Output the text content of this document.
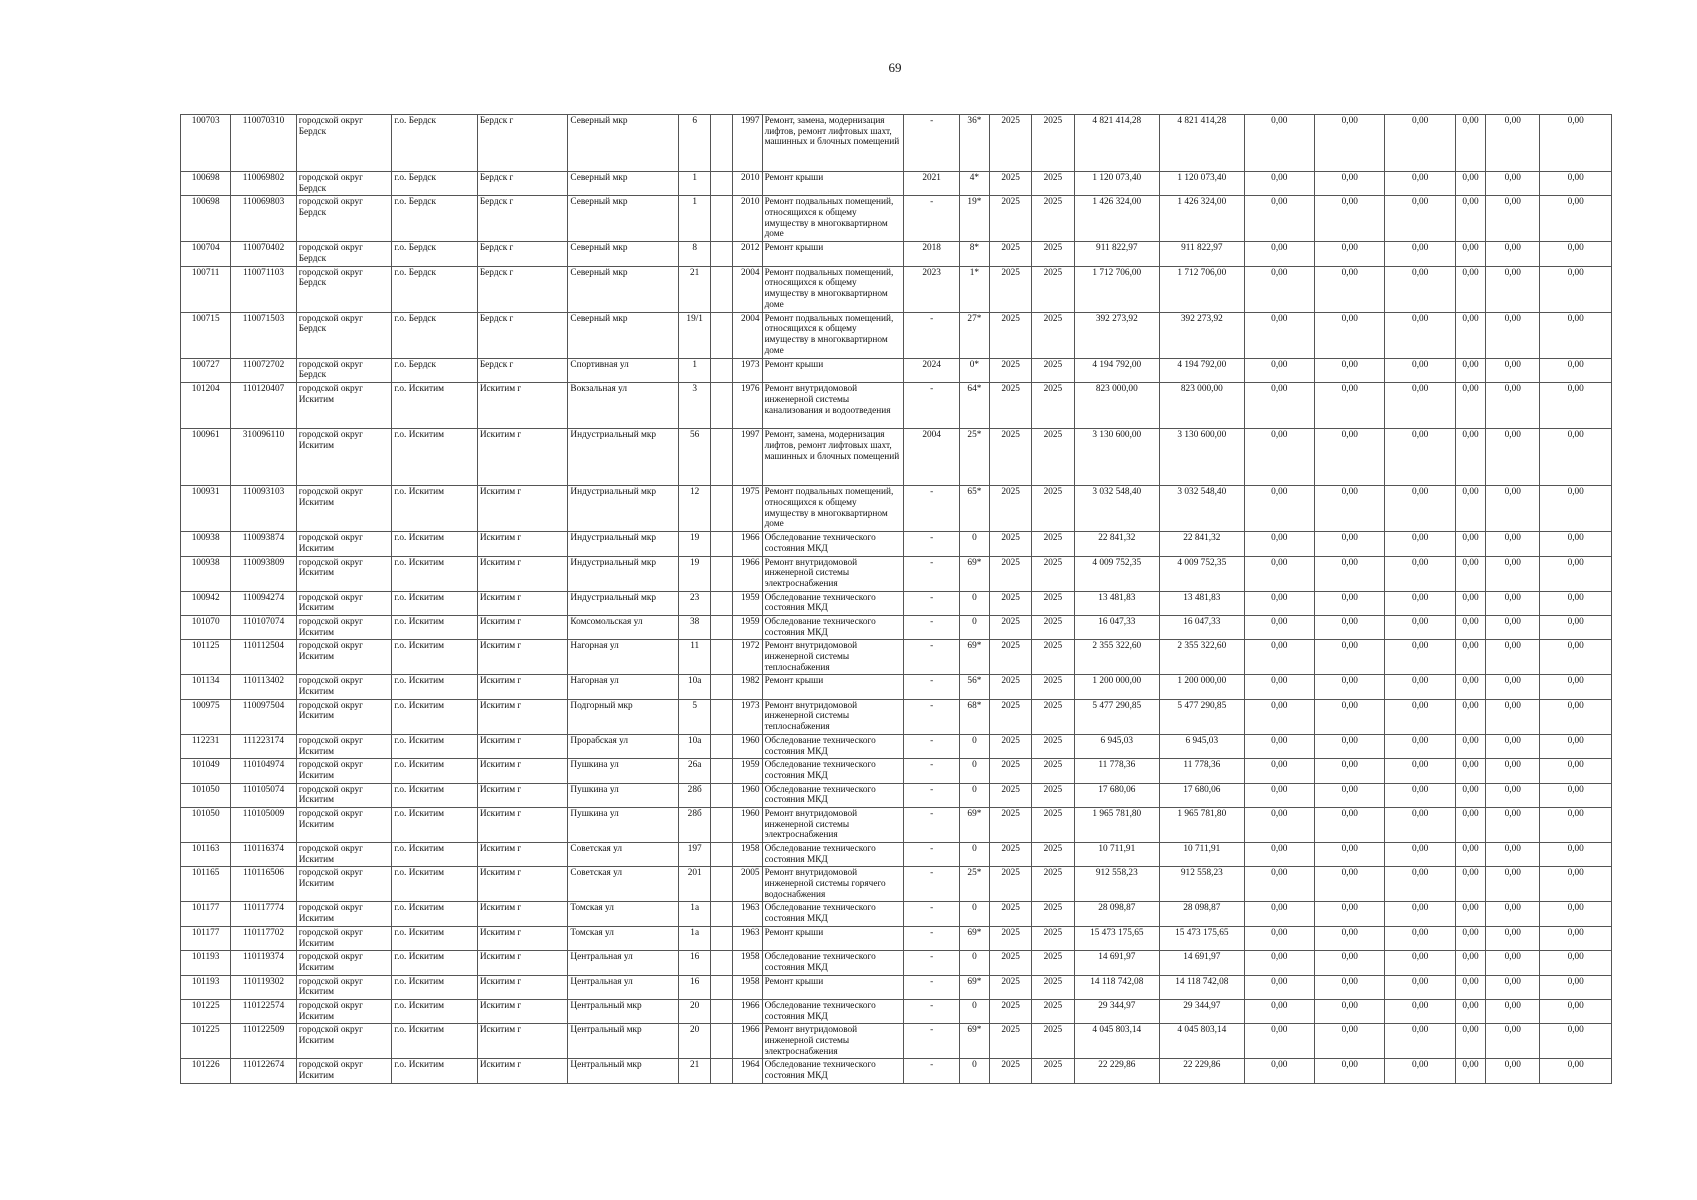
69
100703	110070310	городской округ Бердск	г.о. Бердск	Бердск г	Северный мкр	6		1997	Ремонт, замена, модернизация лифтов, ремонт лифтовых шахт, машинных и блочных помещений	-	36*	2025	2025	4 821 414,28	4 821 414,28	0,00	0,00	0,00	0,00	0,00	0,00
100698	110069802	городской округ Бердск	г.о. Бердск	Бердск г	Северный мкр	1		2010	Ремонт крыши	2021	4*	2025	2025	1 120 073,40	1 120 073,40	0,00	0,00	0,00	0,00	0,00	0,00
100698	110069803	городской округ Бердск	г.о. Бердск	Бердск г	Северный мкр	1		2010	Ремонт подвальных помещений, относящихся к общему имуществу в многоквартирном доме	-	19*	2025	2025	1 426 324,00	1 426 324,00	0,00	0,00	0,00	0,00	0,00	0,00
100704	110070402	городской округ Бердск	г.о. Бердск	Бердск г	Северный мкр	8		2012	Ремонт крыши	2018	8*	2025	2025	911 822,97	911 822,97	0,00	0,00	0,00	0,00	0,00	0,00
100711	110071103	городской округ Бердск	г.о. Бердск	Бердск г	Северный мкр	21		2004	Ремонт подвальных помещений, относящихся к общему имуществу в многоквартирном доме	2023	1*	2025	2025	1 712 706,00	1 712 706,00	0,00	0,00	0,00	0,00	0,00	0,00
100715	110071503	городской округ Бердск	г.о. Бердск	Бердск г	Северный мкр	19/1		2004	Ремонт подвальных помещений, относящихся к общему имуществу в многоквартирном доме	-	27*	2025	2025	392 273,92	392 273,92	0,00	0,00	0,00	0,00	0,00	0,00
100727	110072702	городской округ Бердск	г.о. Бердск	Бердск г	Спортивная ул	1		1973	Ремонт крыши	2024	0*	2025	2025	4 194 792,00	4 194 792,00	0,00	0,00	0,00	0,00	0,00	0,00
101204	110120407	городской округ Искитим	г.о. Искитим	Искитим г	Вокзальная ул	3		1976	Ремонт внутридомовой инженерной системы канализования и водоотведения	-	64*	2025	2025	823 000,00	823 000,00	0,00	0,00	0,00	0,00	0,00	0,00
100961	310096110	городской округ Искитим	г.о. Искитим	Искитим г	Индустриальный мкр	56		1997	Ремонт, замена, модернизация лифтов, ремонт лифтовых шахт, машинных и блочных помещений	2004	25*	2025	2025	3 130 600,00	3 130 600,00	0,00	0,00	0,00	0,00	0,00	0,00
100931	110093103	городской округ Искитим	г.о. Искитим	Искитим г	Индустриальный мкр	12		1975	Ремонт подвальных помещений, относящихся к общему имуществу в многоквартирном доме	-	65*	2025	2025	3 032 548,40	3 032 548,40	0,00	0,00	0,00	0,00	0,00	0,00
100938	110093874	городской округ Искитим	г.о. Искитим	Искитим г	Индустриальный мкр	19		1966	Обследование технического состояния МКД	-	0	2025	2025	22 841,32	22 841,32	0,00	0,00	0,00	0,00	0,00	0,00
100938	110093809	городской округ Искитим	г.о. Искитим	Искитим г	Индустриальный мкр	19		1966	Ремонт внутридомовой инженерной системы электроснабжения	-	69*	2025	2025	4 009 752,35	4 009 752,35	0,00	0,00	0,00	0,00	0,00	0,00
100942	110094274	городской округ Искитим	г.о. Искитим	Искитим г	Индустриальный мкр	23		1959	Обследование технического состояния МКД	-	0	2025	2025	13 481,83	13 481,83	0,00	0,00	0,00	0,00	0,00	0,00
101070	110107074	городской округ Искитим	г.о. Искитим	Искитим г	Комсомольская ул	38		1959	Обследование технического состояния МКД	-	0	2025	2025	16 047,33	16 047,33	0,00	0,00	0,00	0,00	0,00	0,00
101125	110112504	городской округ Искитим	г.о. Искитим	Искитим г	Нагорная ул	11		1972	Ремонт внутридомовой инженерной системы теплоснабжения	-	69*	2025	2025	2 355 322,60	2 355 322,60	0,00	0,00	0,00	0,00	0,00	0,00
101134	110113402	городской округ Искитим	г.о. Искитим	Искитим г	Нагорная ул	10а		1982	Ремонт крыши	-	56*	2025	2025	1 200 000,00	1 200 000,00	0,00	0,00	0,00	0,00	0,00	0,00
100975	110097504	городской округ Искитим	г.о. Искитим	Искитим г	Подгорный мкр	5		1973	Ремонт внутридомовой инженерной системы теплоснабжения	-	68*	2025	2025	5 477 290,85	5 477 290,85	0,00	0,00	0,00	0,00	0,00	0,00
112231	111223174	городской округ Искитим	г.о. Искитим	Искитим г	Прорабская ул	10а		1960	Обследование технического состояния МКД	-	0	2025	2025	6 945,03	6 945,03	0,00	0,00	0,00	0,00	0,00	0,00
101049	110104974	городской округ Искитим	г.о. Искитим	Искитим г	Пушкина ул	26а		1959	Обследование технического состояния МКД	-	0	2025	2025	11 778,36	11 778,36	0,00	0,00	0,00	0,00	0,00	0,00
101050	110105074	городской округ Искитим	г.о. Искитим	Искитим г	Пушкина ул	28б		1960	Обследование технического состояния МКД	-	0	2025	2025	17 680,06	17 680,06	0,00	0,00	0,00	0,00	0,00	0,00
101050	110105009	городской округ Искитим	г.о. Искитим	Искитим г	Пушкина ул	28б		1960	Ремонт внутридомовой инженерной системы электроснабжения	-	69*	2025	2025	1 965 781,80	1 965 781,80	0,00	0,00	0,00	0,00	0,00	0,00
101163	110116374	городской округ Искитим	г.о. Искитим	Искитим г	Советская ул	197		1958	Обследование технического состояния МКД	-	0	2025	2025	10 711,91	10 711,91	0,00	0,00	0,00	0,00	0,00	0,00
101165	110116506	городской округ Искитим	г.о. Искитим	Искитим г	Советская ул	201		2005	Ремонт внутридомовой инженерной системы горячего водоснабжения	-	25*	2025	2025	912 558,23	912 558,23	0,00	0,00	0,00	0,00	0,00	0,00
101177	110117774	городской округ Искитим	г.о. Искитим	Искитим г	Томская ул	1а		1963	Обследование технического состояния МКД	-	0	2025	2025	28 098,87	28 098,87	0,00	0,00	0,00	0,00	0,00	0,00
101177	110117702	городской округ Искитим	г.о. Искитим	Искитим г	Томская ул	1а		1963	Ремонт крыши	-	69*	2025	2025	15 473 175,65	15 473 175,65	0,00	0,00	0,00	0,00	0,00	0,00
101193	110119374	городской округ Искитим	г.о. Искитим	Искитим г	Центральная ул	16		1958	Обследование технического состояния МКД	-	0	2025	2025	14 691,97	14 691,97	0,00	0,00	0,00	0,00	0,00	0,00
101193	110119302	городской округ Искитим	г.о. Искитим	Искитим г	Центральная ул	16		1958	Ремонт крыши	-	69*	2025	2025	14 118 742,08	14 118 742,08	0,00	0,00	0,00	0,00	0,00	0,00
101225	110122574	городской округ Искитим	г.о. Искитим	Искитим г	Центральный мкр	20		1966	Обследование технического состояния МКД	-	0	2025	2025	29 344,97	29 344,97	0,00	0,00	0,00	0,00	0,00	0,00
101225	110122509	городской округ Искитим	г.о. Искитим	Искитим г	Центральный мкр	20		1966	Ремонт внутридомовой инженерной системы электроснабжения	-	69*	2025	2025	4 045 803,14	4 045 803,14	0,00	0,00	0,00	0,00	0,00	0,00
101226	110122674	городской округ Искитим	г.о. Искитим	Искитим г	Центральный мкр	21		1964	Обследование технического состояния МКД	-	0	2025	2025	22 229,86	22 229,86	0,00	0,00	0,00	0,00	0,00	0,00
